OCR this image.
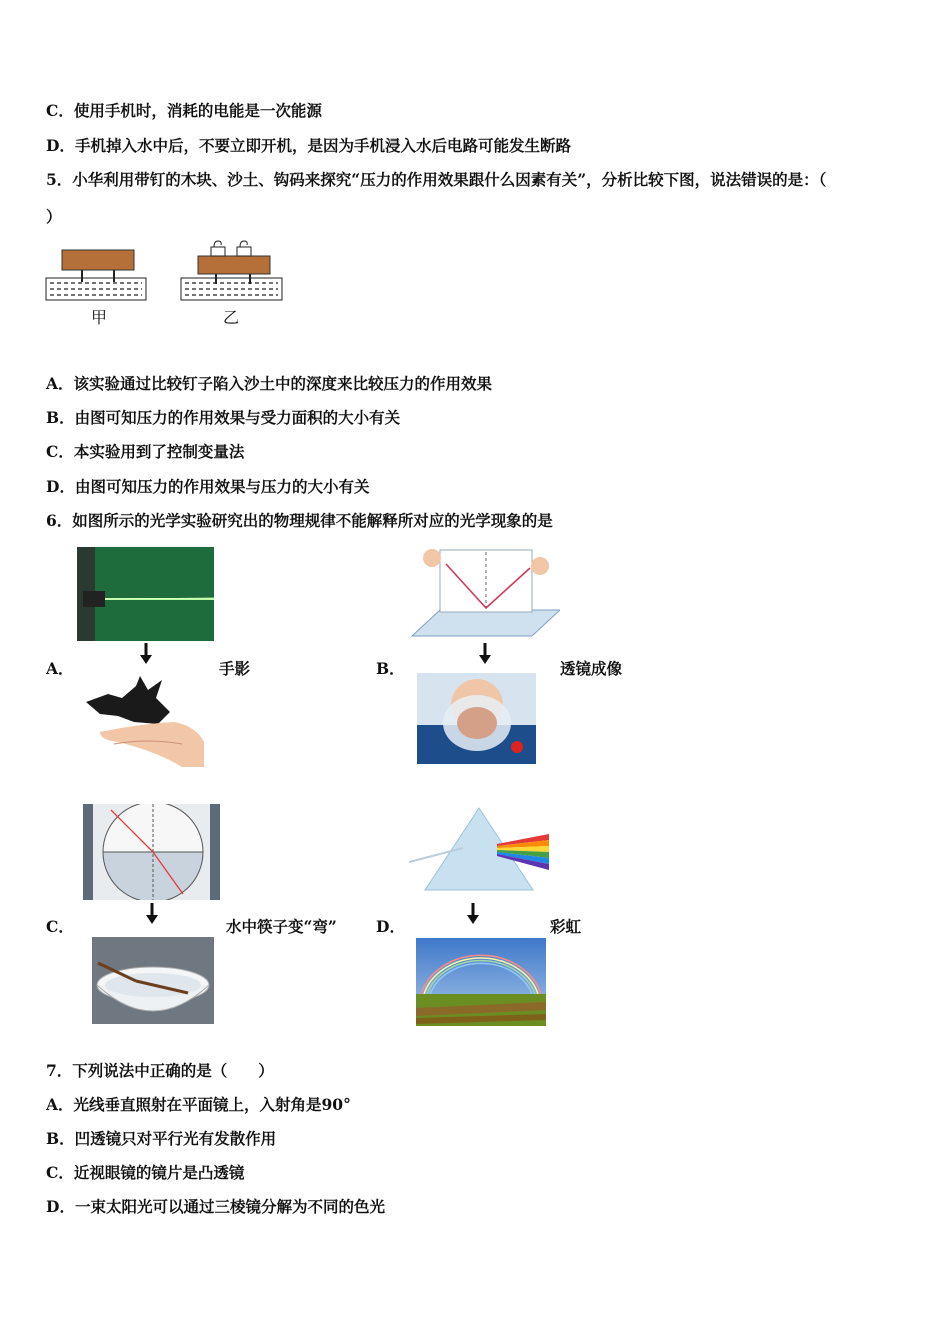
C．使用手机时，消耗的电能是一次能源
D．手机掉入水中后，不要立即开机，是因为手机浸入水后电路可能发生断路
5．小华利用带钉的木块、沙土、钩码来探究“压力的作用效果跟什么因素有关”，分析比较下图，说法错误的是：（
）
甲	乙
A．该实验通过比较钉子陷入沙土中的深度来比较压力的作用效果
B．由图可知压力的作用效果与受力面积的大小有关
C．本实验用到了控制变量法
D．由图可知压力的作用效果与压力的大小有关
6．如图所示的光学实验研究出的物理规律不能解释所对应的光学现象的是
A．	手影	B．	透镜成像
C．	水中筷子变“弯”	D．	彩虹
7．下列说法中正确的是（　　）
A．光线垂直照射在平面镜上，入射角是90°
B．凹透镜只对平行光有发散作用
C．近视眼镜的镜片是凸透镜
D．一束太阳光可以通过三棱镜分解为不同的色光
